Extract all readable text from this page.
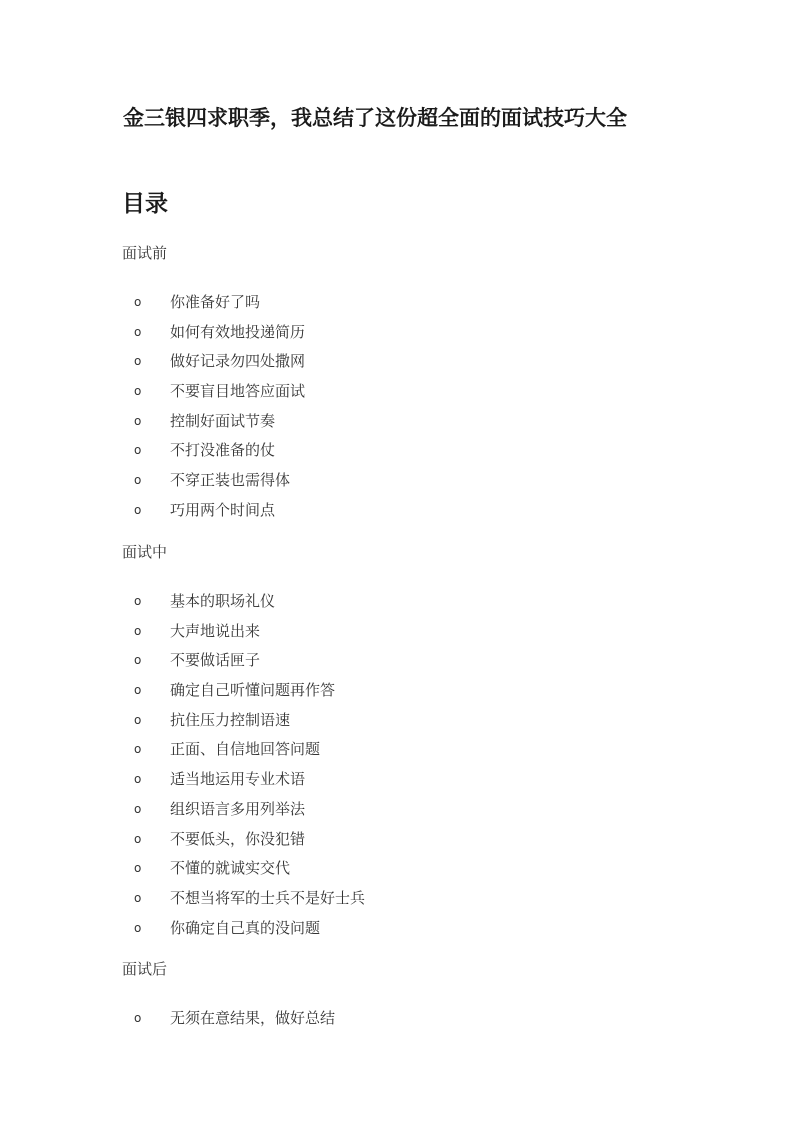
金三银四求职季，我总结了这份超全面的面试技巧大全
目录
面试前
o 你准备好了吗
o 如何有效地投递简历
o 做好记录勿四处撒网
o 不要盲目地答应面试
o 控制好面试节奏
o 不打没准备的仗
o 不穿正装也需得体
o 巧用两个时间点
面试中
o 基本的职场礼仪
o 大声地说出来
o 不要做话匣子
o 确定自己听懂问题再作答
o 抗住压力控制语速
o 正面、自信地回答问题
o 适当地运用专业术语
o 组织语言多用列举法
o 不要低头，你没犯错
o 不懂的就诚实交代
o 不想当将军的士兵不是好士兵
o 你确定自己真的没问题
面试后
o 无须在意结果，做好总结
